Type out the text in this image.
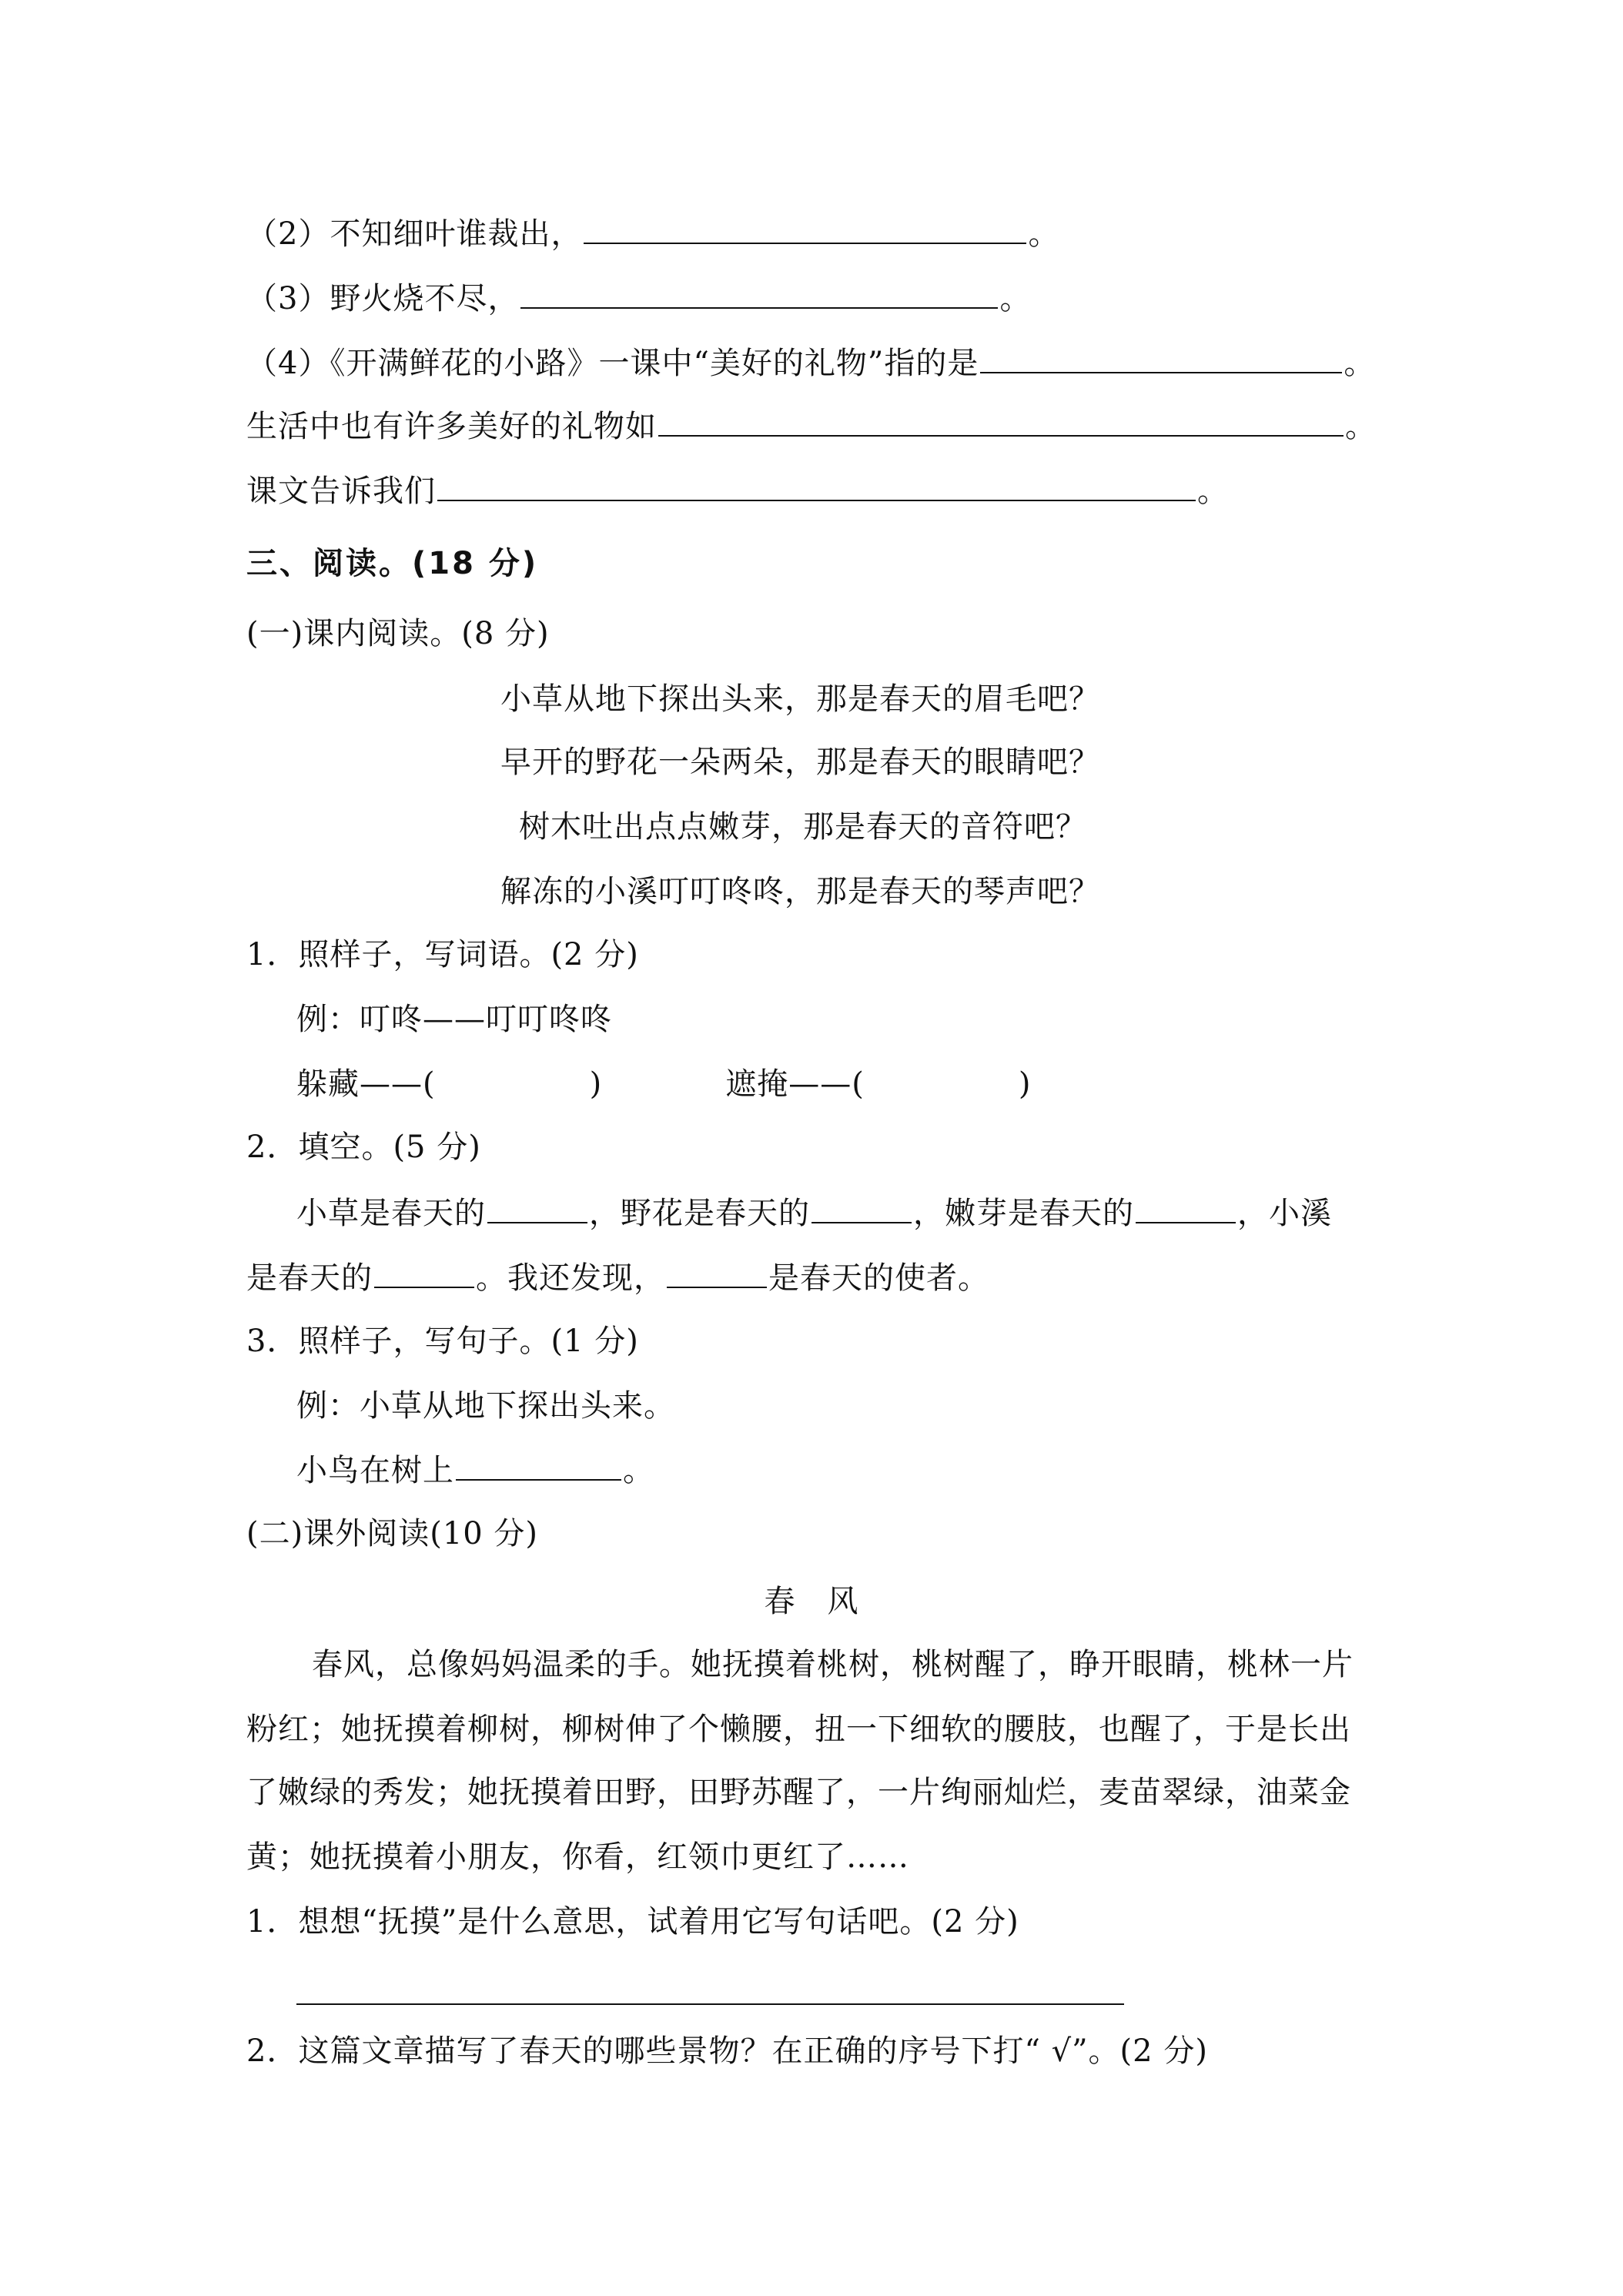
（2）不知细叶谁裁出，	。
（3）野火烧不尽，	。
（4）《开满鲜花的小路》一课中“美好的礼物”指的是	。
生活中也有许多美好的礼物如	。
课文告诉我们	。
三、阅读。(18 分)
(一)课内阅读。(8 分)
小草从地下探出头来，那是春天的眉毛吧？
早开的野花一朵两朵，那是春天的眼睛吧？
树木吐出点点嫩芽，那是春天的音符吧？
解冻的小溪叮叮咚咚，那是春天的琴声吧？
1．照样子，写词语。(2 分)
例：叮咚——叮叮咚咚
躲藏——(	)	遮掩——(	)
2．填空。(5 分)
小草是春天的	，野花是春天的	，嫩芽是春天的	，小溪
是春天的	。我还发现，	是春天的使者。
3．照样子，写句子。(1 分)
例：小草从地下探出头来。
小鸟在树上	。
(二)课外阅读(10 分)
春　风
春风，总像妈妈温柔的手。她抚摸着桃树，桃树醒了，睁开眼睛，桃林一片
粉红；她抚摸着柳树，柳树伸了个懒腰，扭一下细软的腰肢，也醒了，于是长出
了嫩绿的秀发；她抚摸着田野，田野苏醒了，一片绚丽灿烂，麦苗翠绿，油菜金
黄；她抚摸着小朋友，你看，红领巾更红了……
1．想想“抚摸”是什么意思，试着用它写句话吧。(2 分)
2．这篇文章描写了春天的哪些景物？在正确的序号下打“ √”。(2 分)
